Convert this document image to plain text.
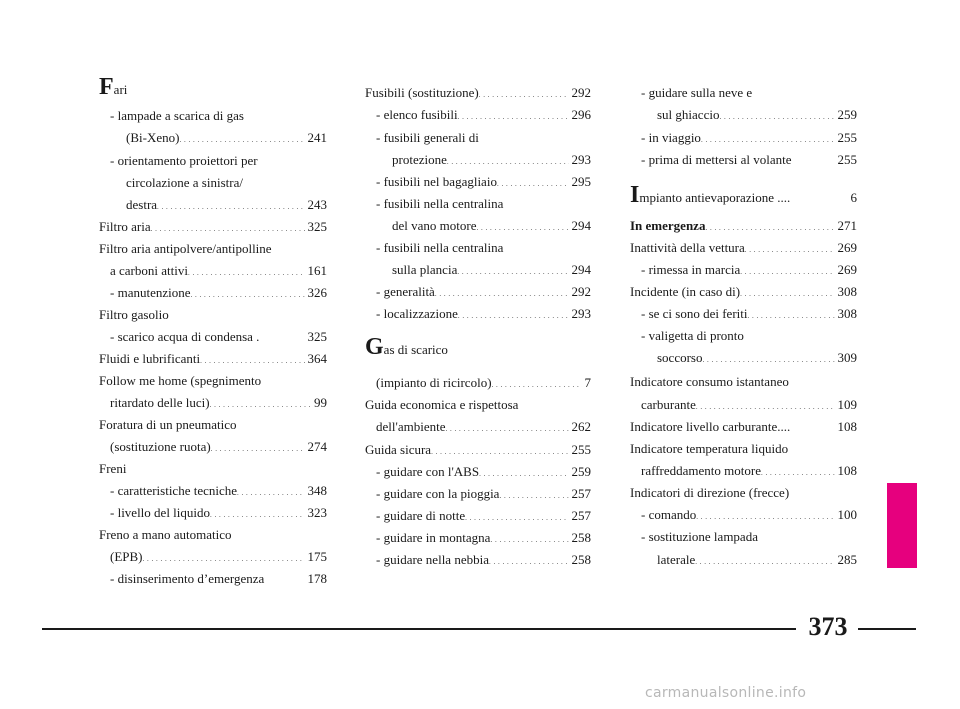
F ari
- lampade a scarica di gas
(Bi-Xeno) . . .	241
- orientamento proiettori per
circolazione a sinistra/
destra . . .	243
Filtro aria . . .	325
Filtro aria antipolvere/antipolline
a carboni attivi . . .	161
- manutenzione . . .	326
Filtro gasolio
- scarico acqua di condensa .	325
Fluidi e lubrificanti . . .	364
Follow me home (spegnimento
ritardato delle luci) . . .	99
Foratura di un pneumatico
(sostituzione ruota) . . .	274
Freni
- caratteristiche tecniche . . .	348
- livello del liquido . . .	323
Freno a mano automatico
(EPB) . . .	175
- disinserimento d’emergenza	178
Fusibili (sostituzione) . . .	292
- elenco fusibili . . .	296
- fusibili generali di
protezione . . .	293
- fusibili nel bagagliaio . . .	295
- fusibili nella centralina
del vano motore . . .	294
- fusibili nella centralina
sulla plancia . . .	294
- generalità . . .	292
- localizzazione . . .	293
G as di scarico
(impianto di ricircolo) . . .	7
Guida economica e rispettosa
dell'ambiente . . .	262
Guida sicura . . .	255
- guidare con l'ABS . . .	259
- guidare con la pioggia . . .	257
- guidare di notte . . .	257
- guidare in montagna . . .	258
- guidare nella nebbia . . .	258
- guidare sulla neve e
sul ghiaccio . . .	259
- in viaggio . . .	255
- prima di mettersi al volante	255
I mpianto antievaporazione ....	6
In emergenza . . .	271
Inattività della vettura . . .	269
- rimessa in marcia . . .	269
Incidente (in caso di) . . .	308
- se ci sono dei feriti . . .	308
- valigetta di pronto
soccorso . . .	309
Indicatore consumo istantaneo
carburante . . .	109
Indicatore livello carburante....	108
Indicatore temperatura liquido
raffreddamento motore . . .	108
Indicatori di direzione (frecce)
- comando . . .	100
- sostituzione lampada
laterale . . .	285
373
carmanualsonline.info
